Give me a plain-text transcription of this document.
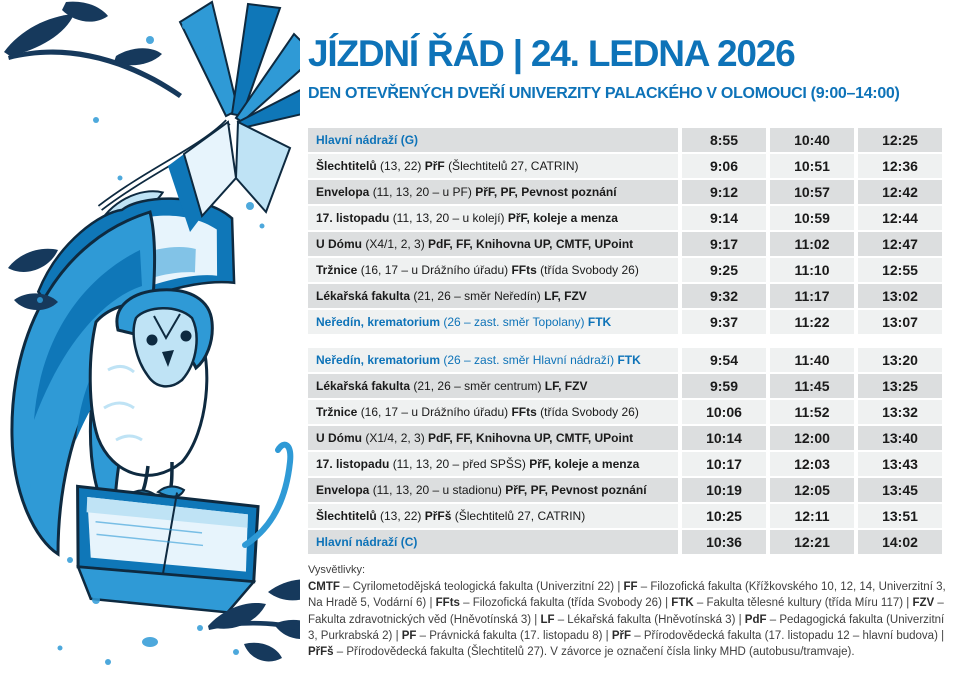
JÍZDNÍ ŘÁD | 24. LEDNA 2026
DEN OTEVŘENÝCH DVEŘÍ UNIVERZITY PALACKÉHO V OLOMOUCI (9:00–14:00)
Hlavní nádraží (G)	8:55	10:40	12:25
Šlechtitelů (13, 22) PřF (Šlechtitelů 27, CATRIN)	9:06	10:51	12:36
Envelopa (11, 13, 20 – u PF) PřF, PF, Pevnost poznání	9:12	10:57	12:42
17. listopadu (11, 13, 20 – u kolejí) PřF, koleje a menza	9:14	10:59	12:44
U Dómu (X4/1, 2, 3) PdF, FF, Knihovna UP, CMTF, UPoint	9:17	11:02	12:47
Tržnice (16, 17 – u Drážního úřadu) FFts (třída Svobody 26)	9:25	11:10	12:55
Lékařská fakulta (21, 26 – směr Neředín) LF, FZV	9:32	11:17	13:02
Neředín, krematorium (26 – zast. směr Topolany) FTK	9:37	11:22	13:07
Neředín, krematorium (26 – zast. směr Hlavní nádraží) FTK	9:54	11:40	13:20
Lékařská fakulta (21, 26 – směr centrum) LF, FZV	9:59	11:45	13:25
Tržnice (16, 17 – u Drážního úřadu) FFts (třída Svobody 26)	10:06	11:52	13:32
U Dómu (X1/4, 2, 3) PdF, FF, Knihovna UP, CMTF, UPoint	10:14	12:00	13:40
17. listopadu (11, 13, 20 – před SPŠS) PřF, koleje a menza	10:17	12:03	13:43
Envelopa (11, 13, 20 – u stadionu) PřF, PF, Pevnost poznání	10:19	12:05	13:45
Šlechtitelů (13, 22) PřFš (Šlechtitelů 27, CATRIN)	10:25	12:11	13:51
Hlavní nádraží (C)	10:36	12:21	14:02
Vysvětlivky:

CMTF – Cyrilometodějská teologická fakulta (Univerzitní 22) | FF – Filozofická fakulta (Křížkovského 10, 12, 14, Univerzitní 3, Na Hradě 5, Vodární 6) | FFts – Filozofická fakulta (třída Svobody 26) | FTK – Fakulta tělesné kultury (třída Míru 117) | FZV – Fakulta zdravotnických věd (Hněvotínská 3) | LF – Lékařská fakulta (Hněvotínská 3) | PdF – Pedagogická fakulta (Univerzitní 3, Purkrabská 2) | PF – Právnická fakulta (17. listopadu 8) | PřF – Přírodovědecká fakulta (17. listopadu 12 – hlavní budova) | PřFš – Přírodovědecká fakulta (Šlechtitelů 27). V závorce je označení čísla linky MHD (autobusu/tramvaje).
